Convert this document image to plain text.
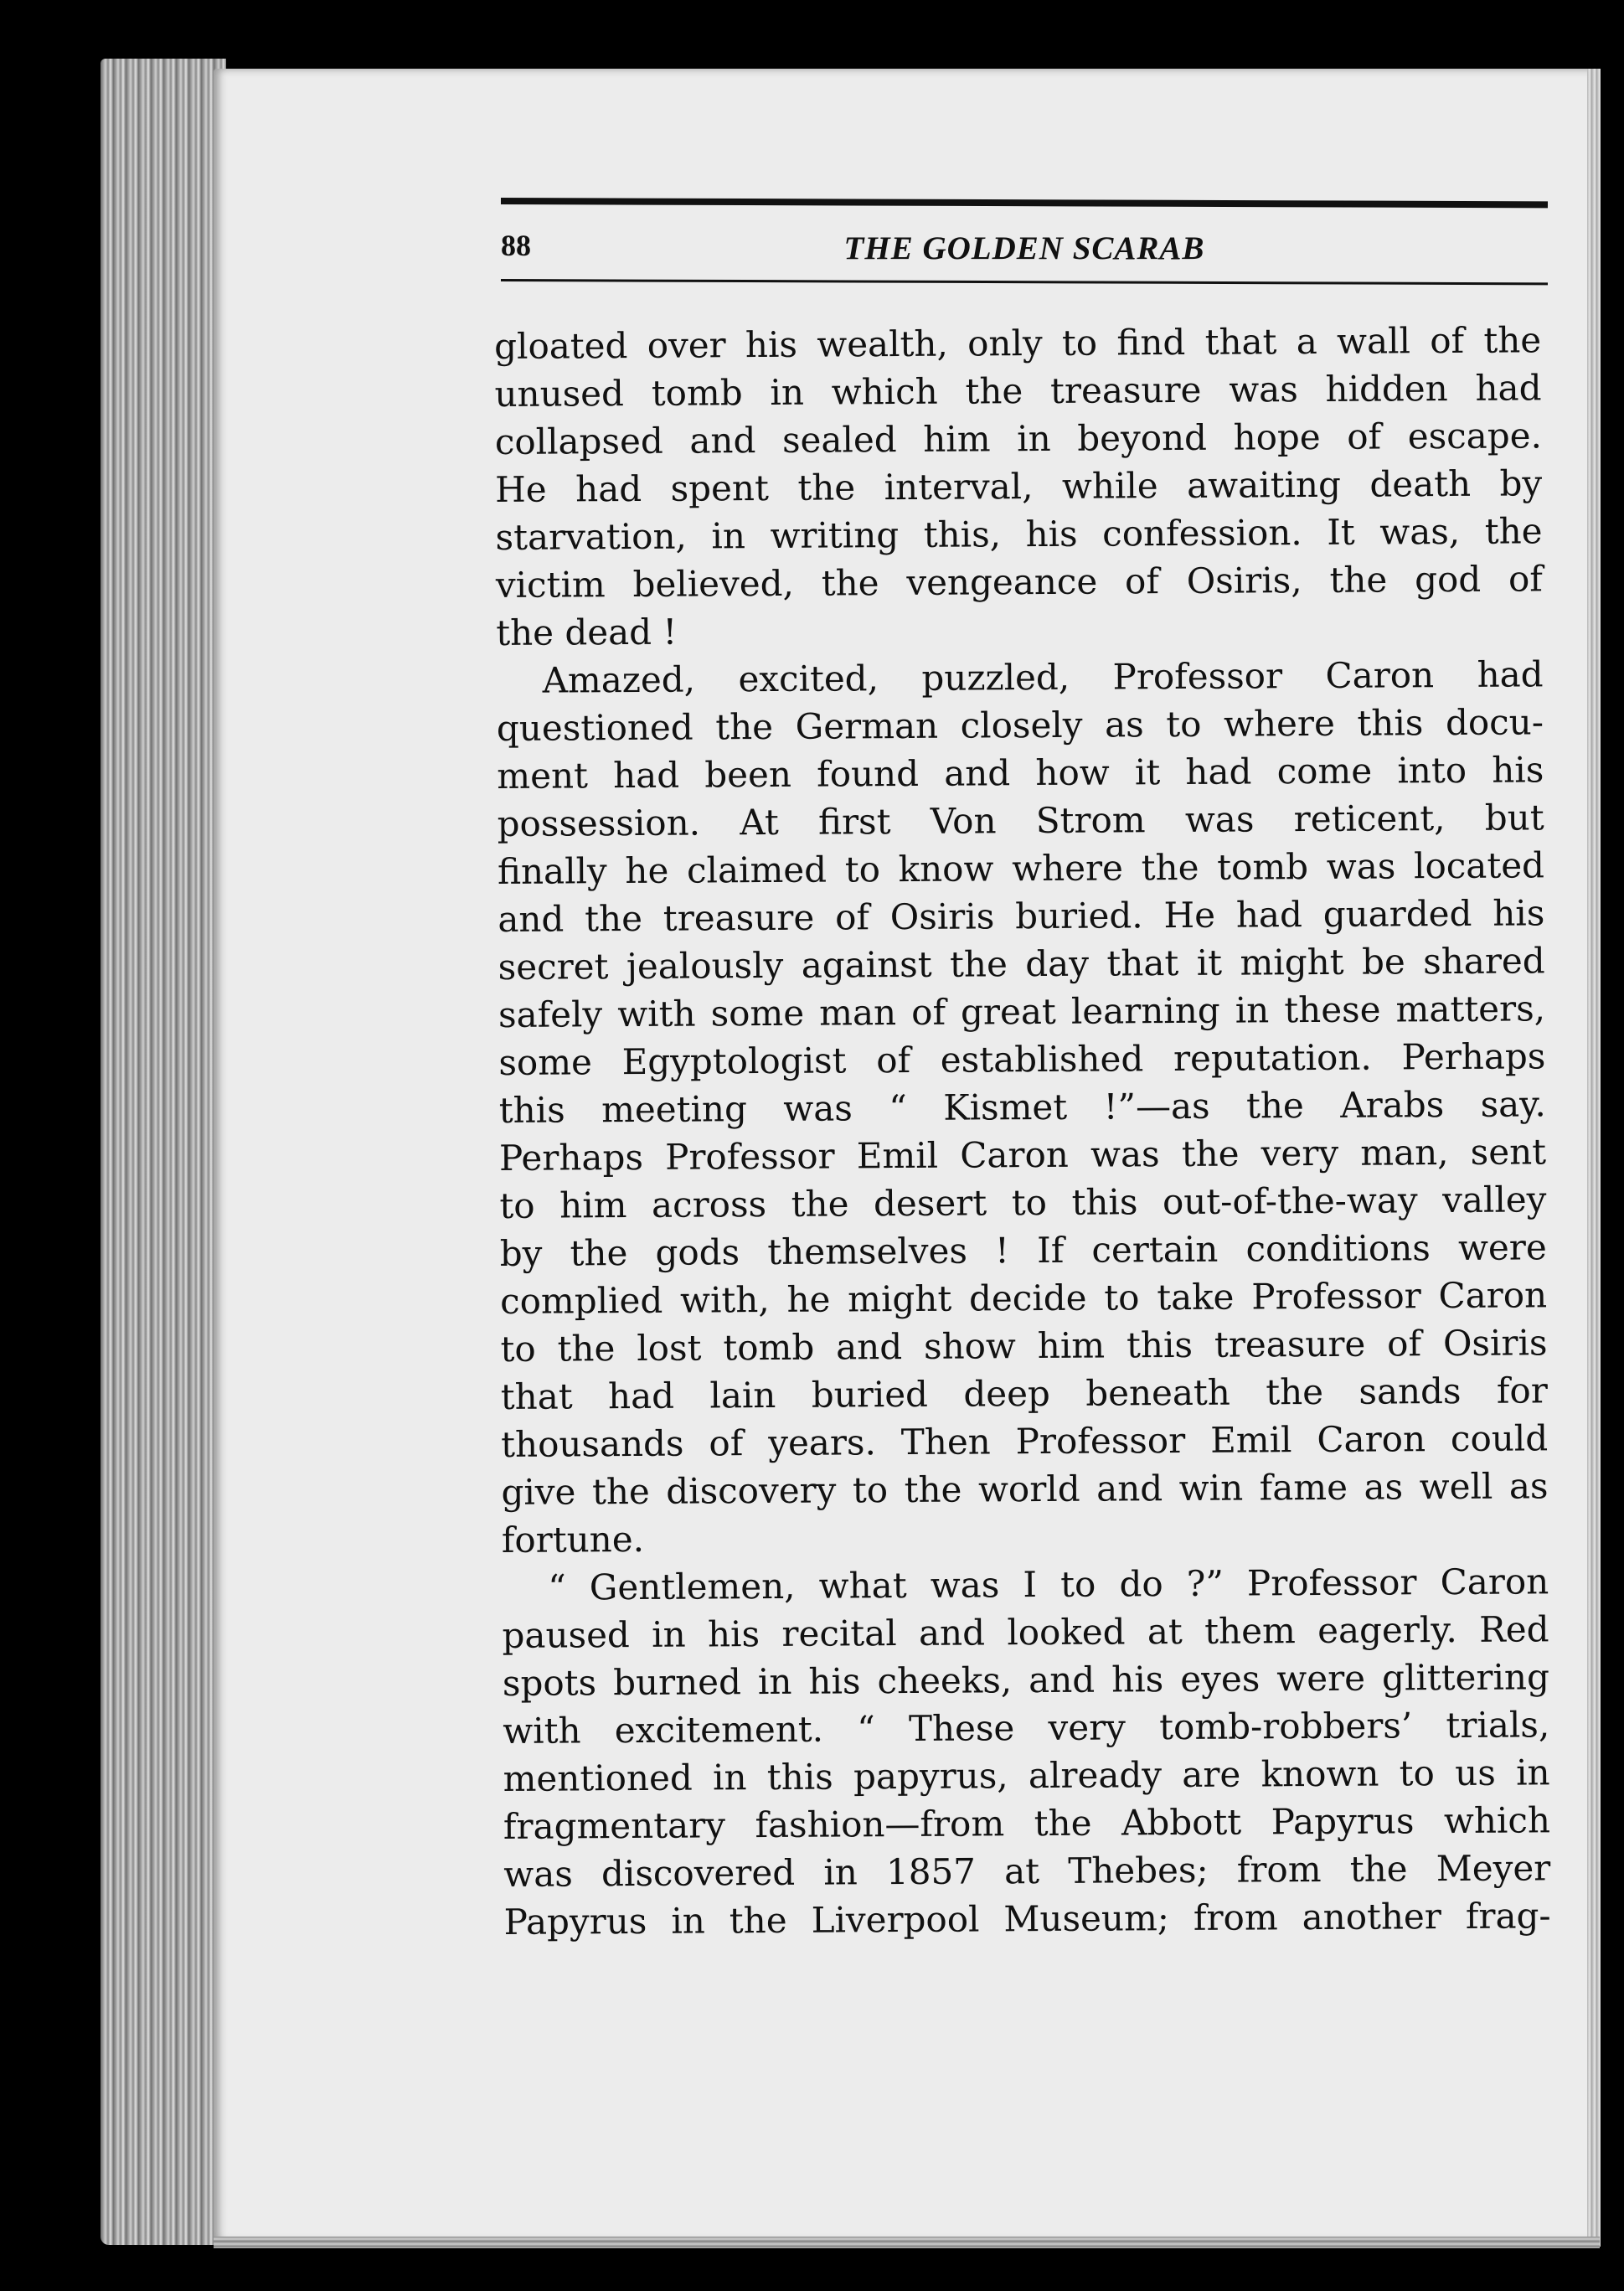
88	THE GOLDEN SCARAB
gloated over his wealth, only to find that a wall of the
unused tomb in which the treasure was hidden had
collapsed and sealed him in beyond hope of escape.
He had spent the interval, while awaiting death by
starvation, in writing this, his confession. It was, the
victim believed, the vengeance of Osiris, the god of
the dead !
Amazed, excited, puzzled, Professor Caron had
questioned the German closely as to where this docu-
ment had been found and how it had come into his
possession. At first Von Strom was reticent, but
finally he claimed to know where the tomb was located
and the treasure of Osiris buried. He had guarded his
secret jealously against the day that it might be shared
safely with some man of great learning in these matters,
some Egyptologist of established reputation. Perhaps
this meeting was “ Kismet !”—as the Arabs say.
Perhaps Professor Emil Caron was the very man, sent
to him across the desert to this out-of-the-way valley
by the gods themselves ! If certain conditions were
complied with, he might decide to take Professor Caron
to the lost tomb and show him this treasure of Osiris
that had lain buried deep beneath the sands for
thousands of years. Then Professor Emil Caron could
give the discovery to the world and win fame as well as
fortune.
“ Gentlemen, what was I to do ?” Professor Caron
paused in his recital and looked at them eagerly. Red
spots burned in his cheeks, and his eyes were glittering
with excitement. “ These very tomb-robbers’ trials,
mentioned in this papyrus, already are known to us in
fragmentary fashion—from the Abbott Papyrus which
was discovered in 1857 at Thebes; from the Meyer
Papyrus in the Liverpool Museum; from another frag-
